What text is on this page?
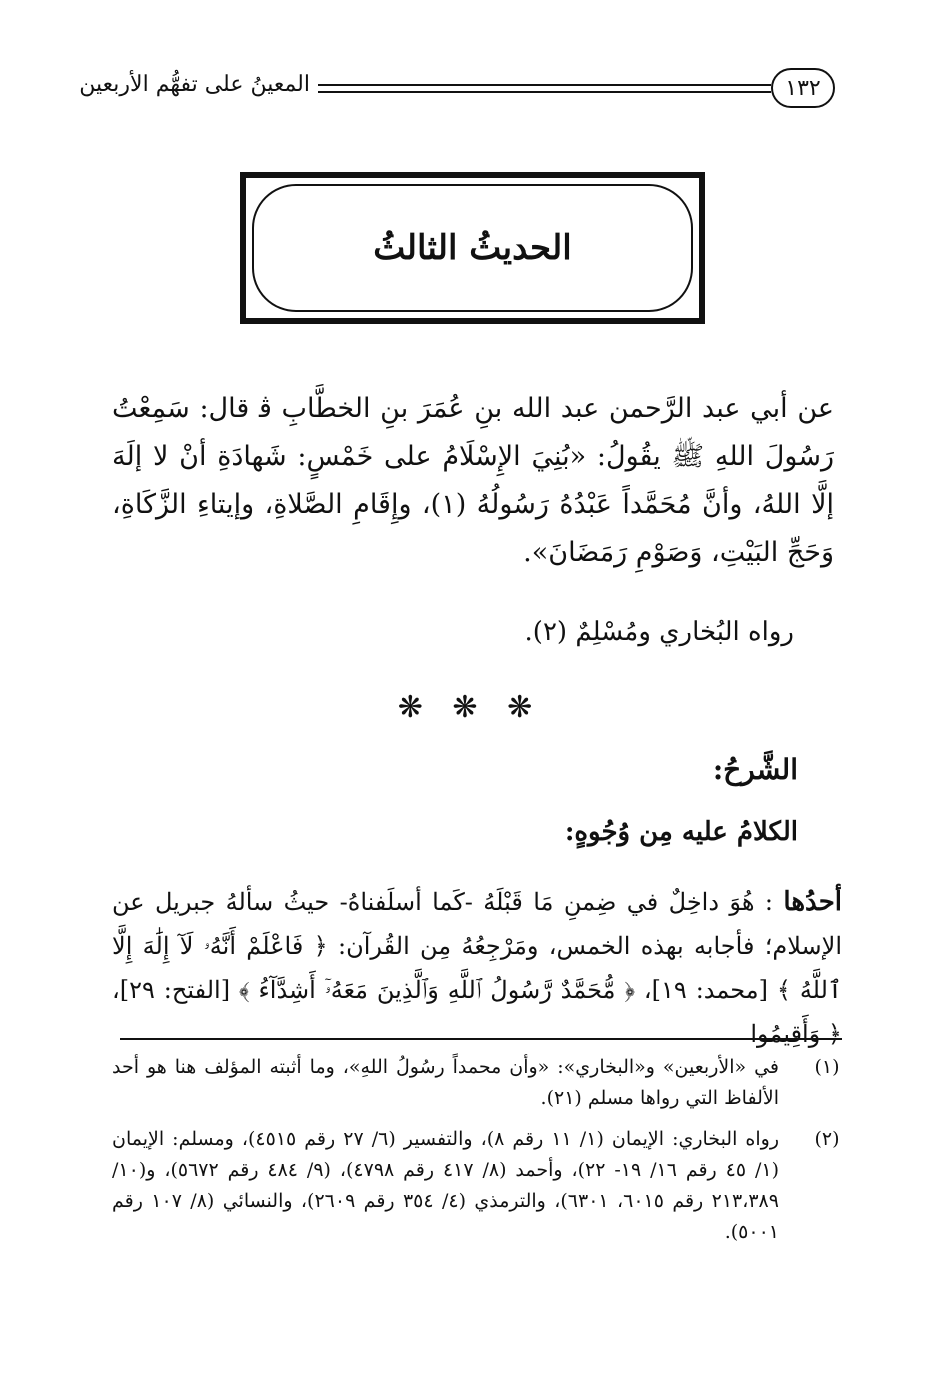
١٣٢
المعينُ على تفهُّم الأربعين
الحديثُ الثالثُ

عن أبي عبد الرَّحمن عبد الله بنِ عُمَرَ بنِ الخطَّابِ ﭬ قال: سَمِعْتُ رَسُولَ اللهِ ﷺ يقُولُ: «بُنِيَ الإِسْلَامُ على خَمْسٍ: شَهادَةِ أنْ لا إلَهَ إلَّا اللهُ، وأنَّ مُحَمَّداً عَبْدُهُ رَسُولُهُ (١)، وإِقَامِ الصَّلاةِ، وإيتاءِ الزَّكَاةِ، وَحَجِّ البَيْتِ، وَصَوْمِ رَمَضَانَ».

رواه البُخاري ومُسْلِمٌ (٢).

❋ ❋ ❋

الشَّرحُ:

الكلامُ عليه مِن وُجُوهٍ:

أحدُها : هُوَ داخِلٌ في ضِمنِ مَا قَبْلَهُ -كَما أسلَفناهُ- حيثُ سألهُ جبريل عن الإسلام؛ فأجابه بهذه الخمس، ومَرْجِعُهُ مِن القُرآن: ﴿ فَاعْلَمْ أَنَّهُۥ لَآ إِلَٰهَ إِلَّا ٱللَّهُ ﴾ [محمد: ١٩]، ﴿ مُّحَمَّدٌ رَّسُولُ ٱللَّهِ وَٱلَّذِينَ مَعَهُۥٓ أَشِدَّآءُ ﴾ [الفتح: ٢٩]، ﴿ وَأَقِيمُوا

(١)
في «الأربعين» و«البخاري»: «وأن محمداً رسُولُ اللهِ»، وما أثبته المؤلف هنا هو أحد الألفاظ التي رواها مسلم (٢١).
(٢)
رواه البخاري: الإيمان (١/ ١١ رقم ٨)، والتفسير (٦/ ٢٧ رقم ٤٥١٥)، ومسلم: الإيمان (١/ ٤٥ رقم ١٦/ ١٩- ٢٢)، وأحمد (٨/ ٤١٧ رقم ٤٧٩٨)، (٩/ ٤٨٤ رقم ٥٦٧٢)، و(١٠/ ٢١٣،٣٨٩ رقم ٦٠١٥، ٦٣٠١)، والترمذي (٤/ ٣٥٤ رقم ٢٦٠٩)، والنسائي (٨/ ١٠٧ رقم ٥٠٠١).
